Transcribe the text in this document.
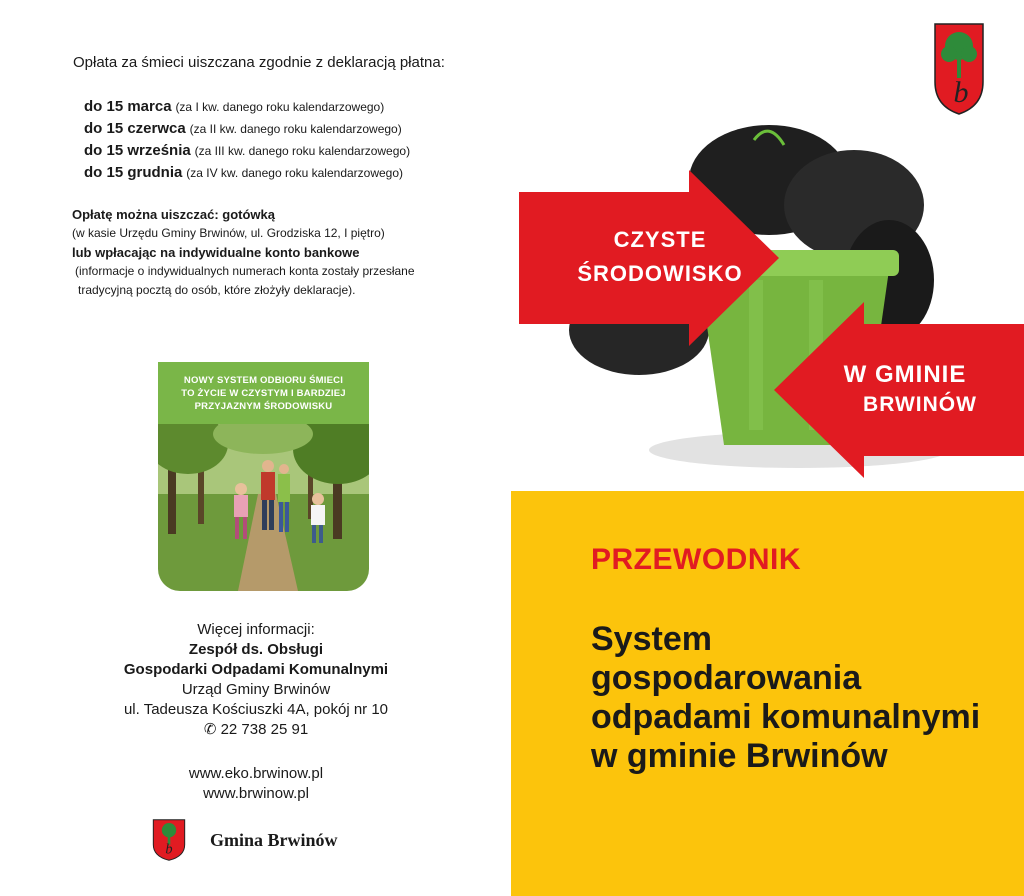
Opłata za śmieci uiszczana zgodnie z deklaracją płatna:
do 15 marca (za I kw. danego roku kalendarzowego)
do 15 czerwca (za II kw. danego roku kalendarzowego)
do 15 września (za III kw. danego roku kalendarzowego)
do 15 grudnia (za IV kw. danego roku kalendarzowego)
Opłatę można uiszczać: gotówką
(w kasie Urzędu Gminy Brwinów, ul. Grodziska 12, I piętro)
lub wpłacając na indywidualne konto bankowe
(informacje o indywidualnych numerach konta zostały przesłane
tradycyjną pocztą do osób, które złożyły deklaracje).
NOWY SYSTEM ODBIORU ŚMIECI
TO ŻYCIE W CZYSTYM I BARDZIEJ
PRZYJAZNYM ŚRODOWISKU
Więcej informacji:
Zespół ds. Obsługi
Gospodarki Odpadami Komunalnymi
Urząd Gminy Brwinów
ul. Tadeusza Kościuszki 4A, pokój nr 10
✆ 22 738 25 91
www.eko.brwinow.pl
www.brwinow.pl
b Gmina Brwinów
b
CZYSTE
ŚRODOWISKO
W GMINIE
BRWINÓW
PRZEWODNIK
System
gospodarowania
odpadami komunalnymi
w gminie Brwinów
